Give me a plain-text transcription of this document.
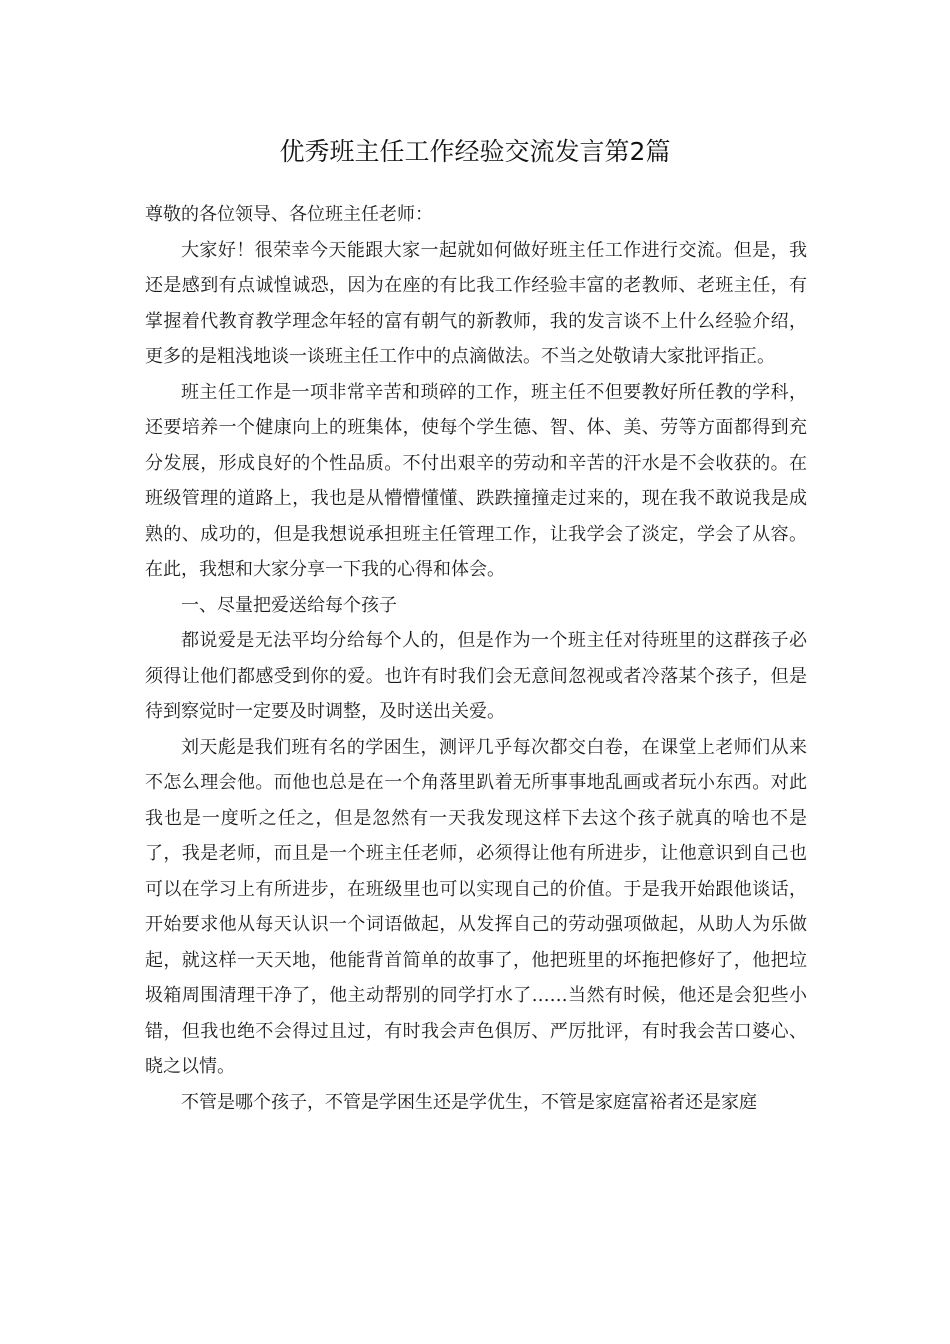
优秀班主任工作经验交流发言第2篇

尊敬的各位领导、各位班主任老师：

大家好！很荣幸今天能跟大家一起就如何做好班主任工作进行交流。但是，我还是感到有点诚惶诚恐，因为在座的有比我工作经验丰富的老教师、老班主任，有掌握着代教育教学理念年轻的富有朝气的新教师，我的发言谈不上什么经验介绍，更多的是粗浅地谈一谈班主任工作中的点滴做法。不当之处敬请大家批评指正。

班主任工作是一项非常辛苦和琐碎的工作，班主任不但要教好所任教的学科，还要培养一个健康向上的班集体，使每个学生德、智、体、美、劳等方面都得到充分发展，形成良好的个性品质。不付出艰辛的劳动和辛苦的汗水是不会收获的。在班级管理的道路上，我也是从懵懵懂懂、跌跌撞撞走过来的，现在我不敢说我是成熟的、成功的，但是我想说承担班主任管理工作，让我学会了淡定，学会了从容。在此，我想和大家分享一下我的心得和体会。

一、尽量把爱送给每个孩子

都说爱是无法平均分给每个人的，但是作为一个班主任对待班里的这群孩子必须得让他们都感受到你的爱。也许有时我们会无意间忽视或者冷落某个孩子，但是待到察觉时一定要及时调整，及时送出关爱。

刘天彪是我们班有名的学困生，测评几乎每次都交白卷，在课堂上老师们从来不怎么理会他。而他也总是在一个角落里趴着无所事事地乱画或者玩小东西。对此我也是一度听之任之，但是忽然有一天我发现这样下去这个孩子就真的啥也不是了，我是老师，而且是一个班主任老师，必须得让他有所进步，让他意识到自己也可以在学习上有所进步，在班级里也可以实现自己的价值。于是我开始跟他谈话，开始要求他从每天认识一个词语做起，从发挥自己的劳动强项做起，从助人为乐做起，就这样一天天地，他能背首简单的故事了，他把班里的坏拖把修好了，他把垃圾箱周围清理干净了，他主动帮别的同学打水了……当然有时候，他还是会犯些小错，但我也绝不会得过且过，有时我会声色俱厉、严厉批评，有时我会苦口婆心、晓之以情。

不管是哪个孩子，不管是学困生还是学优生，不管是家庭富裕者还是家庭
